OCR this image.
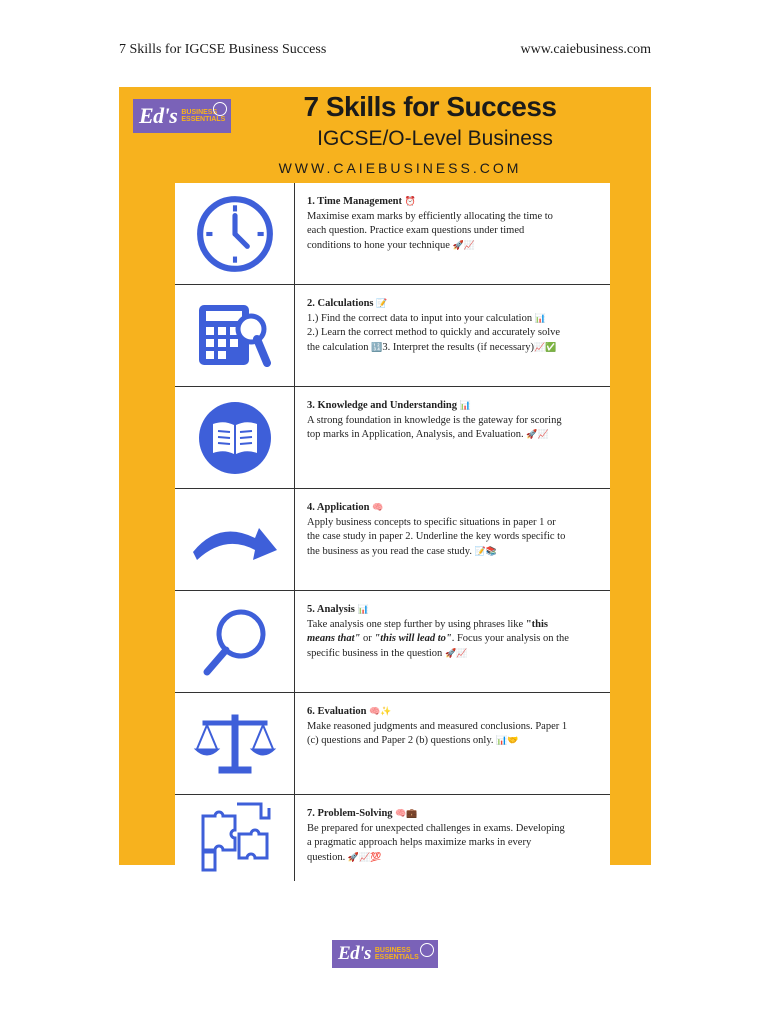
7 Skills for IGCSE Business Success	www.caiebusiness.com
Ed's BUSINESS
ESSENTIALS	7 Skills for Success
IGCSE/O-Level Business
WWW.CAIEBUSINESS.COM
1. Time Management ⏰
Maximise exam marks by efficiently allocating the time to
each question. Practice exam questions under timed
conditions to hone your technique 🚀📈
2. Calculations 📝
1.) Find the correct data to input into your calculation 📊
2.) Learn the correct method to quickly and accurately solve
the calculation 🔢3. Interpret the results (if necessary)📈✅
3. Knowledge and Understanding 📊
A strong foundation in knowledge is the gateway for scoring
top marks in Application, Analysis, and Evaluation. 🚀📈
4. Application 🧠
Apply business concepts to specific situations in paper 1 or
the case study in paper 2. Underline the key words specific to
the business as you read the case study. 📝📚
5. Analysis 📊
Take analysis one step further by using phrases like "this
means that" or "this will lead to". Focus your analysis on the
specific business in the question 🚀📈
6. Evaluation 🧠✨
Make reasoned judgments and measured conclusions. Paper 1
(c) questions and Paper 2 (b) questions only. 📊🤝
7. Problem-Solving 🧠💼
Be prepared for unexpected challenges in exams. Developing
a pragmatic approach helps maximize marks in every
question. 🚀📈💯
Ed's BUSINESS
ESSENTIALS
